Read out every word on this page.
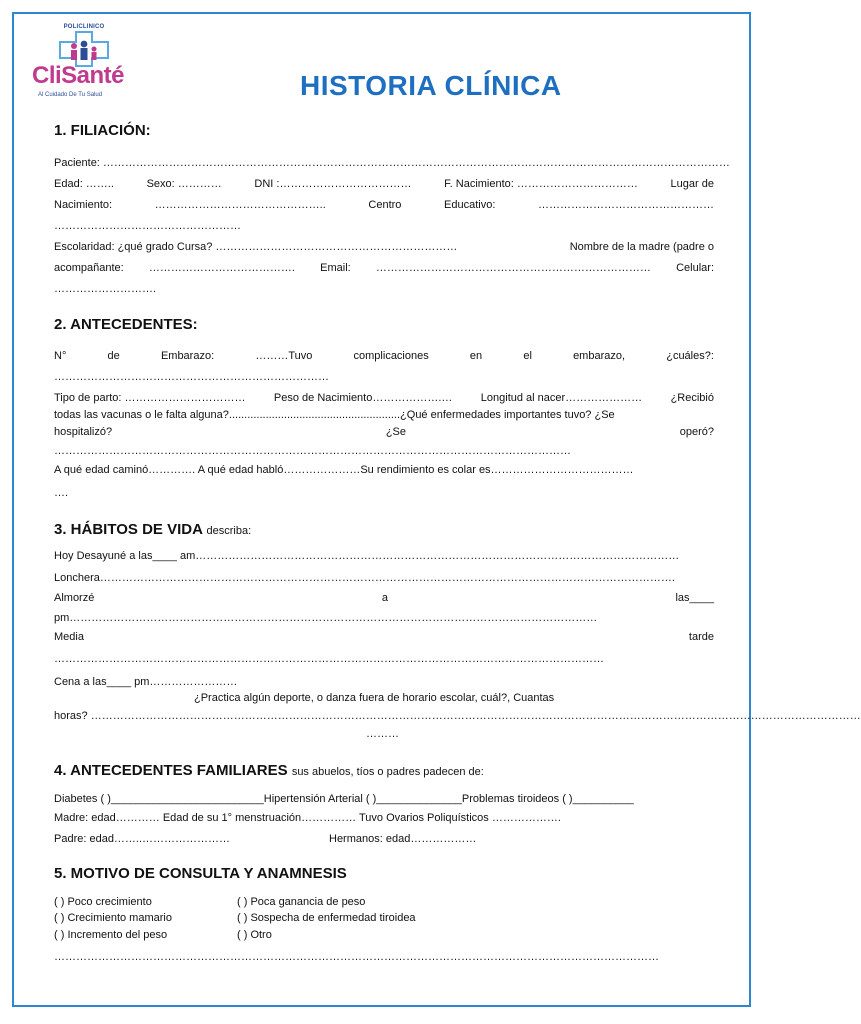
POLICLINICO
CliSanté
Al Cuidado De Tu Salud	HISTORIA CLÍNICA
1. FILIACIÓN:
Paciente: ………………………………………………………………………………………………………………………………………………………
Edad: ……..	Sexo: …………	DNI :………………………………	F. Nacimiento: ……………………………	Lugar de
Nacimiento:	………………………………………..	Centro	Educativo:	…………………………………………
……………………………………………
Escolaridad: ¿qué grado Cursa? …………………………………………………………	Nombre de la madre (padre o
acompañante: …………………………………. Email: ………………………………………………………………… Celular:
……………………….
2. ANTECEDENTES:
N°	de	Embarazo:	………Tuvo	complicaciones	en	el	embarazo,	¿cuáles?:
…………………………………………………………………
Tipo de parto: ……………………………	Peso de Nacimiento……………….…	Longitud al nacer…………………	¿Recibió
todas las vacunas o le falta alguna?........................................................¿Qué enfermedades importantes tuvo? ¿Se
hospitalizó?	¿Se	operó?
……………………………………………………………………………………………………………………………
A qué edad caminó…………. A qué edad habló…………………Su rendimiento es colar es…………………………………
….
3. HÁBITOS DE VIDA describa:
Hoy Desayuné a las____ am……………………………………………………………………………………………………………………
Lonchera………………………………………………………………………………………………………………………………………….
Almorzé	a	las____
pm………………………………………………………………………………………………………………………………
Media	tarde
……………………………………………………………………………………………………………………………………
Cena a las____ pm……………………
¿Practica algún deporte, o danza fuera de horario escolar, cuál?, Cuantas
horas? …………………………………………………………………………………………………………………………………………………………………………………………
………
4. ANTECEDENTES FAMILIARES sus abuelos, tíos o padres padecen de:
Diabetes ( )_________________________Hipertensión Arterial ( )______________Problemas tiroideos ( )__________
Madre: edad………… Edad de su 1° menstruación…………… Tuvo Ovarios Poliquísticos ……………….
Padre: edad……..……………………	Hermanos: edad………………
5. MOTIVO DE CONSULTA Y ANAMNESIS
( ) Poco crecimiento
( ) Crecimiento mamario
( ) Incremento del peso
( ) Poca ganancia de peso
( ) Sospecha de enfermedad tiroidea
( ) Otro
…………………………………………………………………………………………………………………………………………………
